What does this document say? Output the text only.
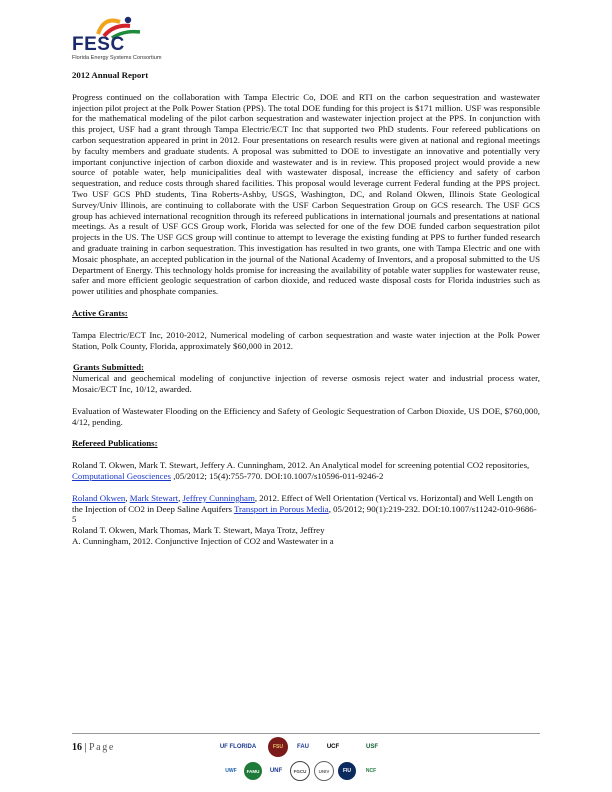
FESC
Florida Energy Systems Consortium
2012 Annual Report

Progress continued on the collaboration with Tampa Electric Co, DOE and RTI on the carbon sequestration and wastewater injection pilot project at the Polk Power Station (PPS). The total DOE funding for this project is $171 million. USF was responsible for the mathematical modeling of the pilot carbon sequestration and wastewater injection project at the PPS. In conjunction with this project, USF had a grant through Tampa Electric/ECT Inc that supported two PhD students. Four refereed publications on carbon sequestration appeared in print in 2012. Four presentations on research results were given at national and regional meetings by faculty members and graduate students. A proposal was submitted to DOE to investigate an innovative and potentially very important conjunctive injection of carbon dioxide and wastewater and is in review. This proposed project would provide a new source of potable water, help municipalities deal with wastewater disposal, increase the efficiency and safety of carbon sequestration, and reduce costs through shared facilities. This proposal would leverage current Federal funding at the PPS project. Two USF GCS PhD students, Tina Roberts-Ashby, USGS, Washington, DC, and Roland Okwen, Illinois State Geological Survey/Univ Illinois, are continuing to collaborate with the USF Carbon Sequestration Group on GCS research. The USF GCS group has achieved international recognition through its refereed publications in international journals and presentations at national meetings. As a result of USF GCS Group work, Florida was selected for one of the few DOE funded carbon sequestration pilot projects in the US. The USF GCS group will continue to attempt to leverage the existing funding at PPS to further funded research and graduate training in carbon sequestration. This investigation has resulted in two grants, one with Tampa Electric and one with Mosaic phosphate, an accepted publication in the journal of the National Academy of Inventors, and a proposal submitted to the US Department of Energy. This technology holds promise for increasing the availability of potable water supplies for wastewater reuse, safer and more efficient geologic sequestration of carbon dioxide, and reduced waste disposal costs for Florida industries such as power utilities and phosphate companies.

Active Grants:

Tampa Electric/ECT Inc, 2010-2012, Numerical modeling of carbon sequestration and waste water injection at the Polk Power Station, Polk County, Florida, approximately $60,000 in 2012.

Grants Submitted:

Numerical and geochemical modeling of conjunctive injection of reverse osmosis reject water and industrial process water, Mosaic/ECT Inc, 10/12, awarded.

Evaluation of Wastewater Flooding on the Efficiency and Safety of Geologic Sequestration of Carbon Dioxide, US DOE, $760,000, 4/12, pending.

Refereed Publications:

Roland T. Okwen, Mark T. Stewart, Jeffery A. Cunningham, 2012. An Analytical model for screening potential CO2 repositories, Computational Geosciences ,05/2012; 15(4):755-770. DOI:10.1007/s10596-011-9246-2

Roland Okwen, Mark Stewart, Jeffrey Cunningham, 2012. Effect of Well Orientation (Vertical vs. Horizontal) and Well Length on the Injection of CO2 in Deep Saline Aquifers Transport in Porous Media, 05/2012; 90(1):219-232. DOI:10.1007/s11242-010-9686-5

Roland T. Okwen, Mark Thomas, Mark T. Stewart, Maya Trotz, Jeffrey

A. Cunningham, 2012. Conjunctive Injection of CO2 and Wastewater in a

16 | Page	UF FLORIDA	FSU	FAU	UCF	USF
UWF	FAMU	UNF	FGCU	UNIV	FIU	NCF
